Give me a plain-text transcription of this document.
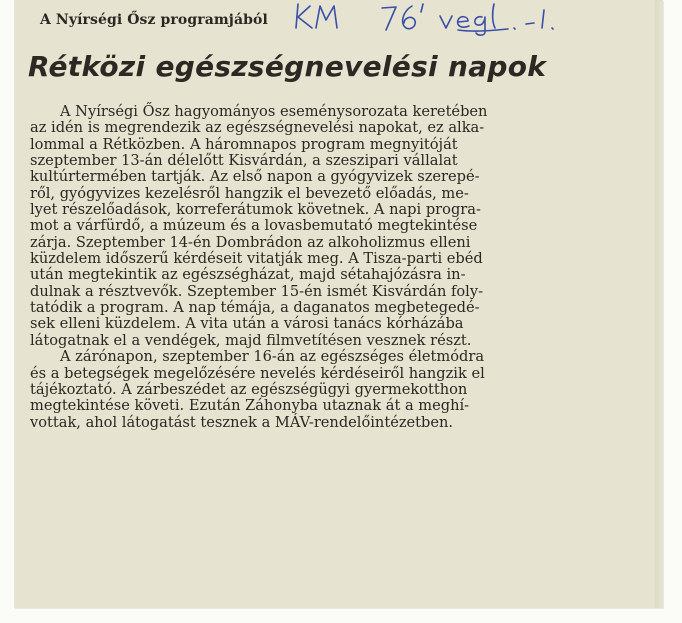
A Nyírségi Ősz programjából
Rétközi egészségnevelési napok
A Nyírségi Ősz hagyományos eseménysorozata keretében
az idén is megrendezik az egészségnevelési napokat, ez alka-
lommal a Rétközben. A háromnapos program megnyitóját
szeptember 13-án délelőtt Kisvárdán, a szeszipari vállalat
kultúrtermében tartják. Az első napon a gyógyvizek szerepé-
ről, gyógyvizes kezelésről hangzik el bevezető előadás, me-
lyet részelőadások, korreferátumok követnek. A napi progra-
mot a várfürdő, a múzeum és a lovasbemutató megtekintése
zárja. Szeptember 14-én Dombrádon az alkoholizmus elleni
küzdelem időszerű kérdéseit vitatják meg. A Tisza-parti ebéd
után megtekintik az egészségházat, majd sétahajózásra in-
dulnak a résztvevők. Szeptember 15-én ismét Kisvárdán foly-
tatódik a program. A nap témája, a daganatos megbetegedé-
sek elleni küzdelem. A vita után a városi tanács kórházába
látogatnak el a vendégek, majd filmvetítésen vesznek részt.
A zárónapon, szeptember 16-án az egészséges életmódra
és a betegségek megelőzésére nevelés kérdéseiről hangzik el
tájékoztató. A zárbeszédet az egészségügyi gyermekotthon
megtekintése követi. Ezután Záhonyba utaznak át a meghí-
vottak, ahol látogatást tesznek a MÁV-rendelőintézetben.
